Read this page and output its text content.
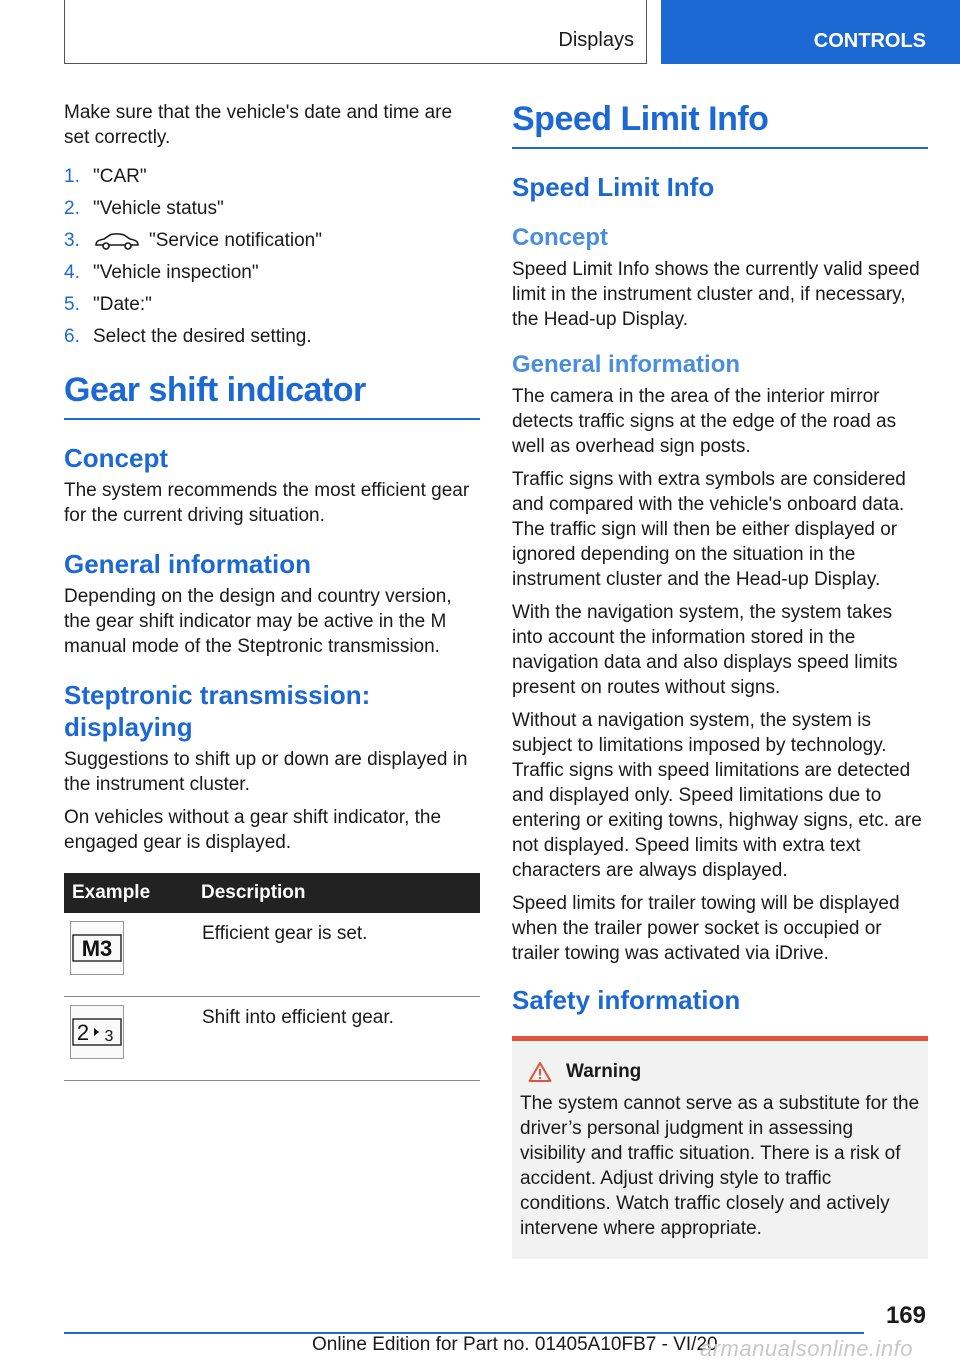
Displays	CONTROLS

Make sure that the vehicle's date and time are set correctly.

1. "CAR"
2. "Vehicle status"
3.	"Service notification"
4. "Vehicle inspection"
5. "Date:"
6. Select the desired setting.
Gear shift indicator
Concept

The system recommends the most efficient gear for the current driving situation.

General information

Depending on the design and country version, the gear shift indicator may be active in the M manual mode of the Steptronic transmission.

Steptronic transmission: displaying

Suggestions to shift up or down are displayed in the instrument cluster.

On vehicles without a gear shift indicator, the engaged gear is displayed.

Example	Description

M3	Efficient gear is set.

2 3	Shift into efficient gear.
Speed Limit Info
Speed Limit Info
Concept

Speed Limit Info shows the currently valid speed limit in the instrument cluster and, if necessary, the Head-up Display.

General information

The camera in the area of the interior mirror detects traffic signs at the edge of the road as well as overhead sign posts.

Traffic signs with extra symbols are considered and compared with the vehicle's onboard data. The traffic sign will then be either displayed or ignored depending on the situation in the instrument cluster and the Head-up Display.

With the navigation system, the system takes into account the information stored in the navigation data and also displays speed limits present on routes without signs.

Without a navigation system, the system is subject to limitations imposed by technology. Traffic signs with speed limitations are detected and displayed only. Speed limitations due to entering or exiting towns, highway signs, etc. are not displayed. Speed limits with extra text characters are always displayed.

Speed limits for trailer towing will be displayed when the trailer power socket is occupied or trailer towing was activated via iDrive.

Safety information
Warning

The system cannot serve as a substitute for the driver’s personal judgment in assessing visibility and traffic situation. There is a risk of accident. Adjust driving style to traffic conditions. Watch traffic closely and actively intervene where appropriate.

169
Online Edition for Part no. 01405A10FB7 - VI/20
armanualsonline.info
